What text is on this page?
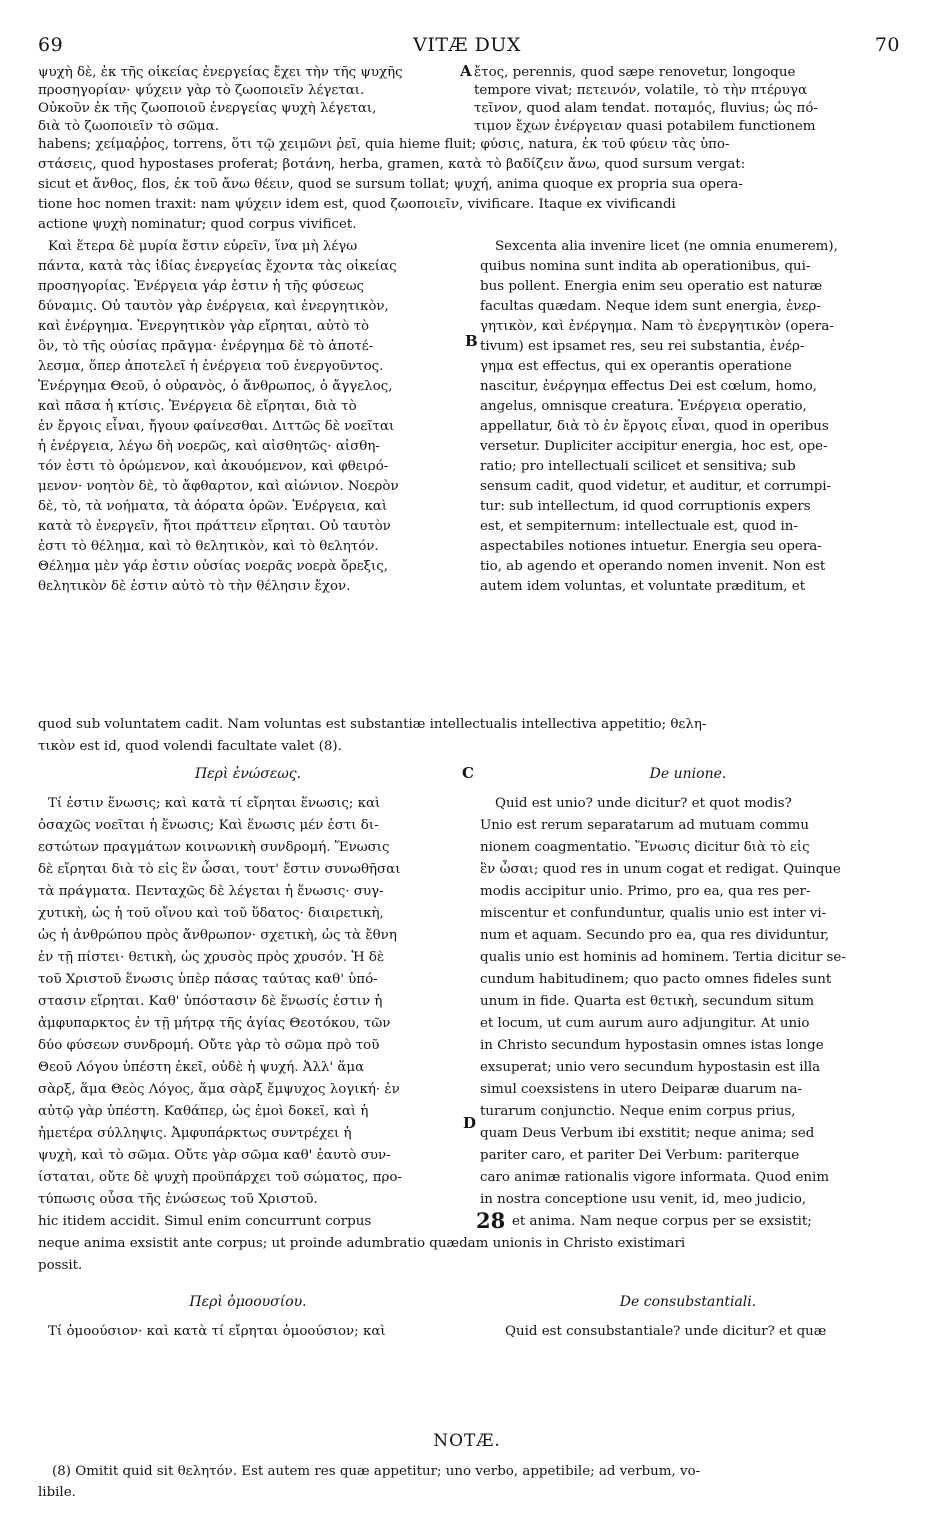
69	VITÆ DUX	70
ψυχὴ δὲ, ἐκ τῆς οἰκείας ἐνεργείας ἔχει τὴν τῆς ψυχῆς
προσηγορίαν· ψύχειν γὰρ τὸ ζωοποιεῖν λέγεται.
Οὐκοῦν ἐκ τῆς ζωοποιοῦ ἐνεργείας ψυχὴ λέγεται,
διὰ τὸ ζωοποιεῖν τὸ σῶμα.
A ἔτος, perennis, quod sæpe renovetur, longoque
tempore vivat; πετεινόν, volatile, τὸ τὴν πτέρυγα
τεῖνον, quod alam tendat. ποταμός, fluvius; ὡς πό-
τιμον ἔχων ἐνέργειαν quasi potabilem functionem
habens; χείμαῤῥος, torrens, ὅτι τῷ χειμῶνι ῥεῖ, quia hieme fluit; φύσις, natura, ἐκ τοῦ φύειν τὰς ὑπο-
στάσεις, quod hypostases proferat; βοτάνη, herba, gramen, κατὰ τὸ βαδίζειν ἄνω, quod sursum vergat:
sicut et ἄνθος, flos, ἐκ τοῦ ἄνω θέειν, quod se sursum tollat; ψυχή, anima quoque ex propria sua opera-
tione hoc nomen traxit: nam ψύχειν idem est, quod ζωοποιεῖν, vivificare. Itaque ex vivificandi
actione ψυχὴ nominatur; quod corpus vivificet.
Καὶ ἕτερα δὲ μυρία ἔστιν εὑρεῖν, ἵνα μὴ λέγω
πάντα, κατὰ τὰς ἰδίας ἐνεργείας ἔχοντα τὰς οἰκείας
προσηγορίας. Ἐνέργεια γάρ ἐστιν ἡ τῆς φύσεως
δύναμις. Οὐ ταυτὸν γὰρ ἐνέργεια, καὶ ἐνεργητικὸν,
καὶ ἐνέργημα. Ἐνεργητικὸν γὰρ εἴρηται, αὐτὸ τὸ
ὂν, τὸ τῆς οὐσίας πρᾶγμα· ἐνέργημα δὲ τὸ ἀποτέ-
λεσμα, ὅπερ ἀποτελεῖ ἡ ἐνέργεια τοῦ ἐνεργοῦντος.
Ἐνέργημα Θεοῦ, ὁ οὐρανὸς, ὁ ἄνθρωπος, ὁ ἄγγελος,
καὶ πᾶσα ἡ κτίσις. Ἐνέργεια δὲ εἴρηται, διὰ τὸ
ἐν ἔργοις εἶναι, ἤγουν φαίνεσθαι. Διττῶς δὲ νοεῖται
ἡ ἐνέργεια, λέγω δὴ νοερῶς, καὶ αἰσθητῶς· αἰσθη-
τόν ἐστι τὸ ὁρώμενον, καὶ ἀκουόμενον, καὶ φθειρό-
μενον· νοητὸν δὲ, τὸ ἄφθαρτον, καὶ αἰώνιον. Νοερὸν
δὲ, τὸ, τὰ νοήματα, τὰ ἀόρατα ὁρῶν. Ἐνέργεια, καὶ
κατὰ τὸ ἐνεργεῖν, ἤτοι πράττειν εἴρηται. Οὐ ταυτὸν
ἐστι τὸ θέλημα, καὶ τὸ θελητικὸν, καὶ τὸ θελητόν.
Θέλημα μὲν γάρ ἐστιν οὐσίας νοερᾶς νοερὰ ὄρεξις,
θελητικὸν δὲ ἐστιν αὐτὸ τὸ τὴν θέλησιν ἔχον.
B
Sexcenta alia invenire licet (ne omnia enumerem),
quibus nomina sunt indita ab operationibus, qui-
bus pollent. Energia enim seu operatio est naturæ
facultas quædam. Neque idem sunt energia, ἐνερ-
γητικὸν, καὶ ἐνέργημα. Nam τὸ ἐνεργητικὸν (opera-
tivum) est ipsamet res, seu rei substantia, ἐνέρ-
γημα est effectus, qui ex operantis operatione
nascitur, ἐνέργημα effectus Dei est cœlum, homo,
angelus, omnisque creatura. Ἐνέργεια operatio,
appellatur, διὰ τὸ ἐν ἔργοις εἶναι, quod in operibus
versetur. Dupliciter accipitur energia, hoc est, ope-
ratio; pro intellectuali scilicet et sensitiva; sub
sensum cadit, quod videtur, et auditur, et corrumpi-
tur: sub intellectum, id quod corruptionis expers
est, et sempiternum: intellectuale est, quod in-
aspectabiles notiones intuetur. Energia seu opera-
tio, ab agendo et operando nomen invenit. Non est
autem idem voluntas, et voluntate præditum, et
quod sub voluntatem cadit. Nam voluntas est substantiæ intellectualis intellectiva appetitio; θελη-
τικὸν est id, quod volendi facultate valet (8).
Περὶ ἑνώσεως.	C	De unione.
Τί ἐστιν ἕνωσις; καὶ κατὰ τί εἴρηται ἕνωσις; καὶ
ὁσαχῶς νοεῖται ἡ ἕνωσις; Καὶ ἕνωσις μέν ἐστι δι-
εστώτων πραγμάτων κοινωνικὴ συνδρομή. Ἕνωσις
δὲ εἴρηται διὰ τὸ εἰς ἓν ὦσαι, τουτ' ἔστιν συνωθῆσαι
τὰ πράγματα. Πενταχῶς δὲ λέγεται ἡ ἕνωσις· συγ-
χυτικὴ, ὡς ἡ τοῦ οἴνου καὶ τοῦ ὕδατος· διαιρετικὴ,
ὡς ἡ ἀνθρώπου πρὸς ἄνθρωπον· σχετικὴ, ὡς τὰ ἔθνη
ἐν τῇ πίστει· θετικὴ, ὡς χρυσὸς πρὸς χρυσόν. Ἡ δὲ
τοῦ Χριστοῦ ἕνωσις ὑπὲρ πάσας ταύτας καθ' ὑπό-
στασιν εἴρηται. Καθ' ὑπόστασιν δὲ ἕνωσίς ἐστιν ἡ
ἀμφυπαρκτος ἐν τῇ μήτρᾳ τῆς ἁγίας Θεοτόκου, τῶν
δύο φύσεων συνδρομή. Οὔτε γὰρ τὸ σῶμα πρὸ τοῦ
Θεοῦ Λόγου ὑπέστη ἐκεῖ, οὐδὲ ἡ ψυχή. Ἀλλ' ἅμα
σὰρξ, ἅμα Θεὸς Λόγος, ἅμα σὰρξ ἔμψυχος λογική· ἐν
αὐτῷ γὰρ ὑπέστη. Καθάπερ, ὡς ἐμοὶ δοκεῖ, καὶ ἡ
ἡμετέρα σύλληψις. Ἀμφυπάρκτως συντρέχει ἡ
ψυχὴ, καὶ τὸ σῶμα. Οὔτε γὰρ σῶμα καθ' ἑαυτὸ συν-
ίσταται, οὔτε δὲ ψυχὴ προϋπάρχει τοῦ σώματος, προ-
τύπωσις οὖσα τῆς ἑνώσεως τοῦ Χριστοῦ.
D
Quid est unio? unde dicitur? et quot modis?
Unio est rerum separatarum ad mutuam commu
nionem coagmentatio. Ἕνωσις dicitur διὰ τὸ εἰς
ἓν ὦσαι; quod res in unum cogat et redigat. Quinque
modis accipitur unio. Primo, pro ea, qua res per-
miscentur et confunduntur, qualis unio est inter vi-
num et aquam. Secundo pro ea, qua res dividuntur,
qualis unio est hominis ad hominem. Tertia dicitur se-
cundum habitudinem; quo pacto omnes fideles sunt
unum in fide. Quarta est θετικὴ, secundum situm
et locum, ut cum aurum auro adjungitur. At unio
in Christo secundum hypostasin omnes istas longe
exsuperat; unio vero secundum hypostasin est illa
simul coexsistens in utero Deiparæ duarum na-
turarum conjunctio. Neque enim corpus prius,
quam Deus Verbum ibi exstitit; neque anima; sed
pariter caro, et pariter Dei Verbum: pariterque
caro animæ rationalis vigore informata. Quod enim
in nostra conceptione usu venit, id, meo judicio,
hic itidem accidit. Simul enim concurrunt corpus	28 et anima. Nam neque corpus per se exsistit;
neque anima exsistit ante corpus; ut proinde adumbratio quædam unionis in Christo existimari
possit.
Περὶ ὁμοουσίου.	De consubstantiali.
Τί ὁμοούσιον· καὶ κατὰ τί εἴρηται ὁμοούσιον; καὶ	Quid est consubstantiale? unde dicitur? et quæ
NOTÆ.
(8) Omitit quid sit θελητόν. Est autem res quæ appetitur; uno verbo, appetibile; ad verbum, vo-
libile.
